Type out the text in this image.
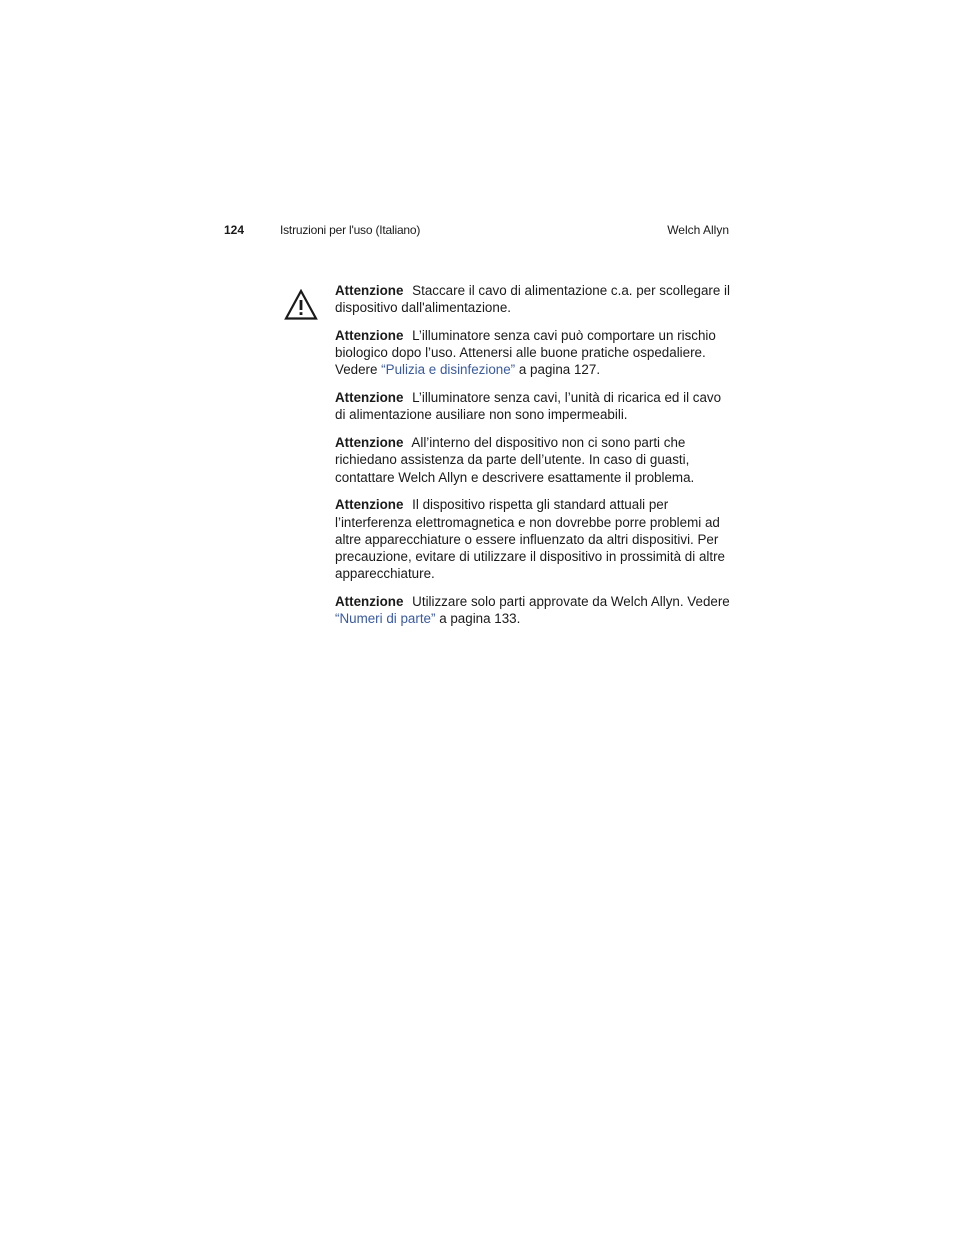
124	Istruzioni per l'uso (Italiano)	Welch Allyn

Attenzione Staccare il cavo di alimentazione c.a. per scollegare il dispositivo dall'alimentazione.

Attenzione L’illuminatore senza cavi può comportare un rischio biologico dopo l’uso. Attenersi alle buone pratiche ospedaliere. Vedere “Pulizia e disinfezione” a pagina 127.

Attenzione L’illuminatore senza cavi, l’unità di ricarica ed il cavo di alimentazione ausiliare non sono impermeabili.

Attenzione All’interno del dispositivo non ci sono parti che richiedano assistenza da parte dell’utente. In caso di guasti, contattare Welch Allyn e descrivere esattamente il problema.

Attenzione Il dispositivo rispetta gli standard attuali per l’interferenza elettromagnetica e non dovrebbe porre problemi ad altre apparecchiature o essere influenzato da altri dispositivi. Per precauzione, evitare di utilizzare il dispositivo in prossimità di altre apparecchiature.

Attenzione Utilizzare solo parti approvate da Welch Allyn. Vedere “Numeri di parte” a pagina 133.
